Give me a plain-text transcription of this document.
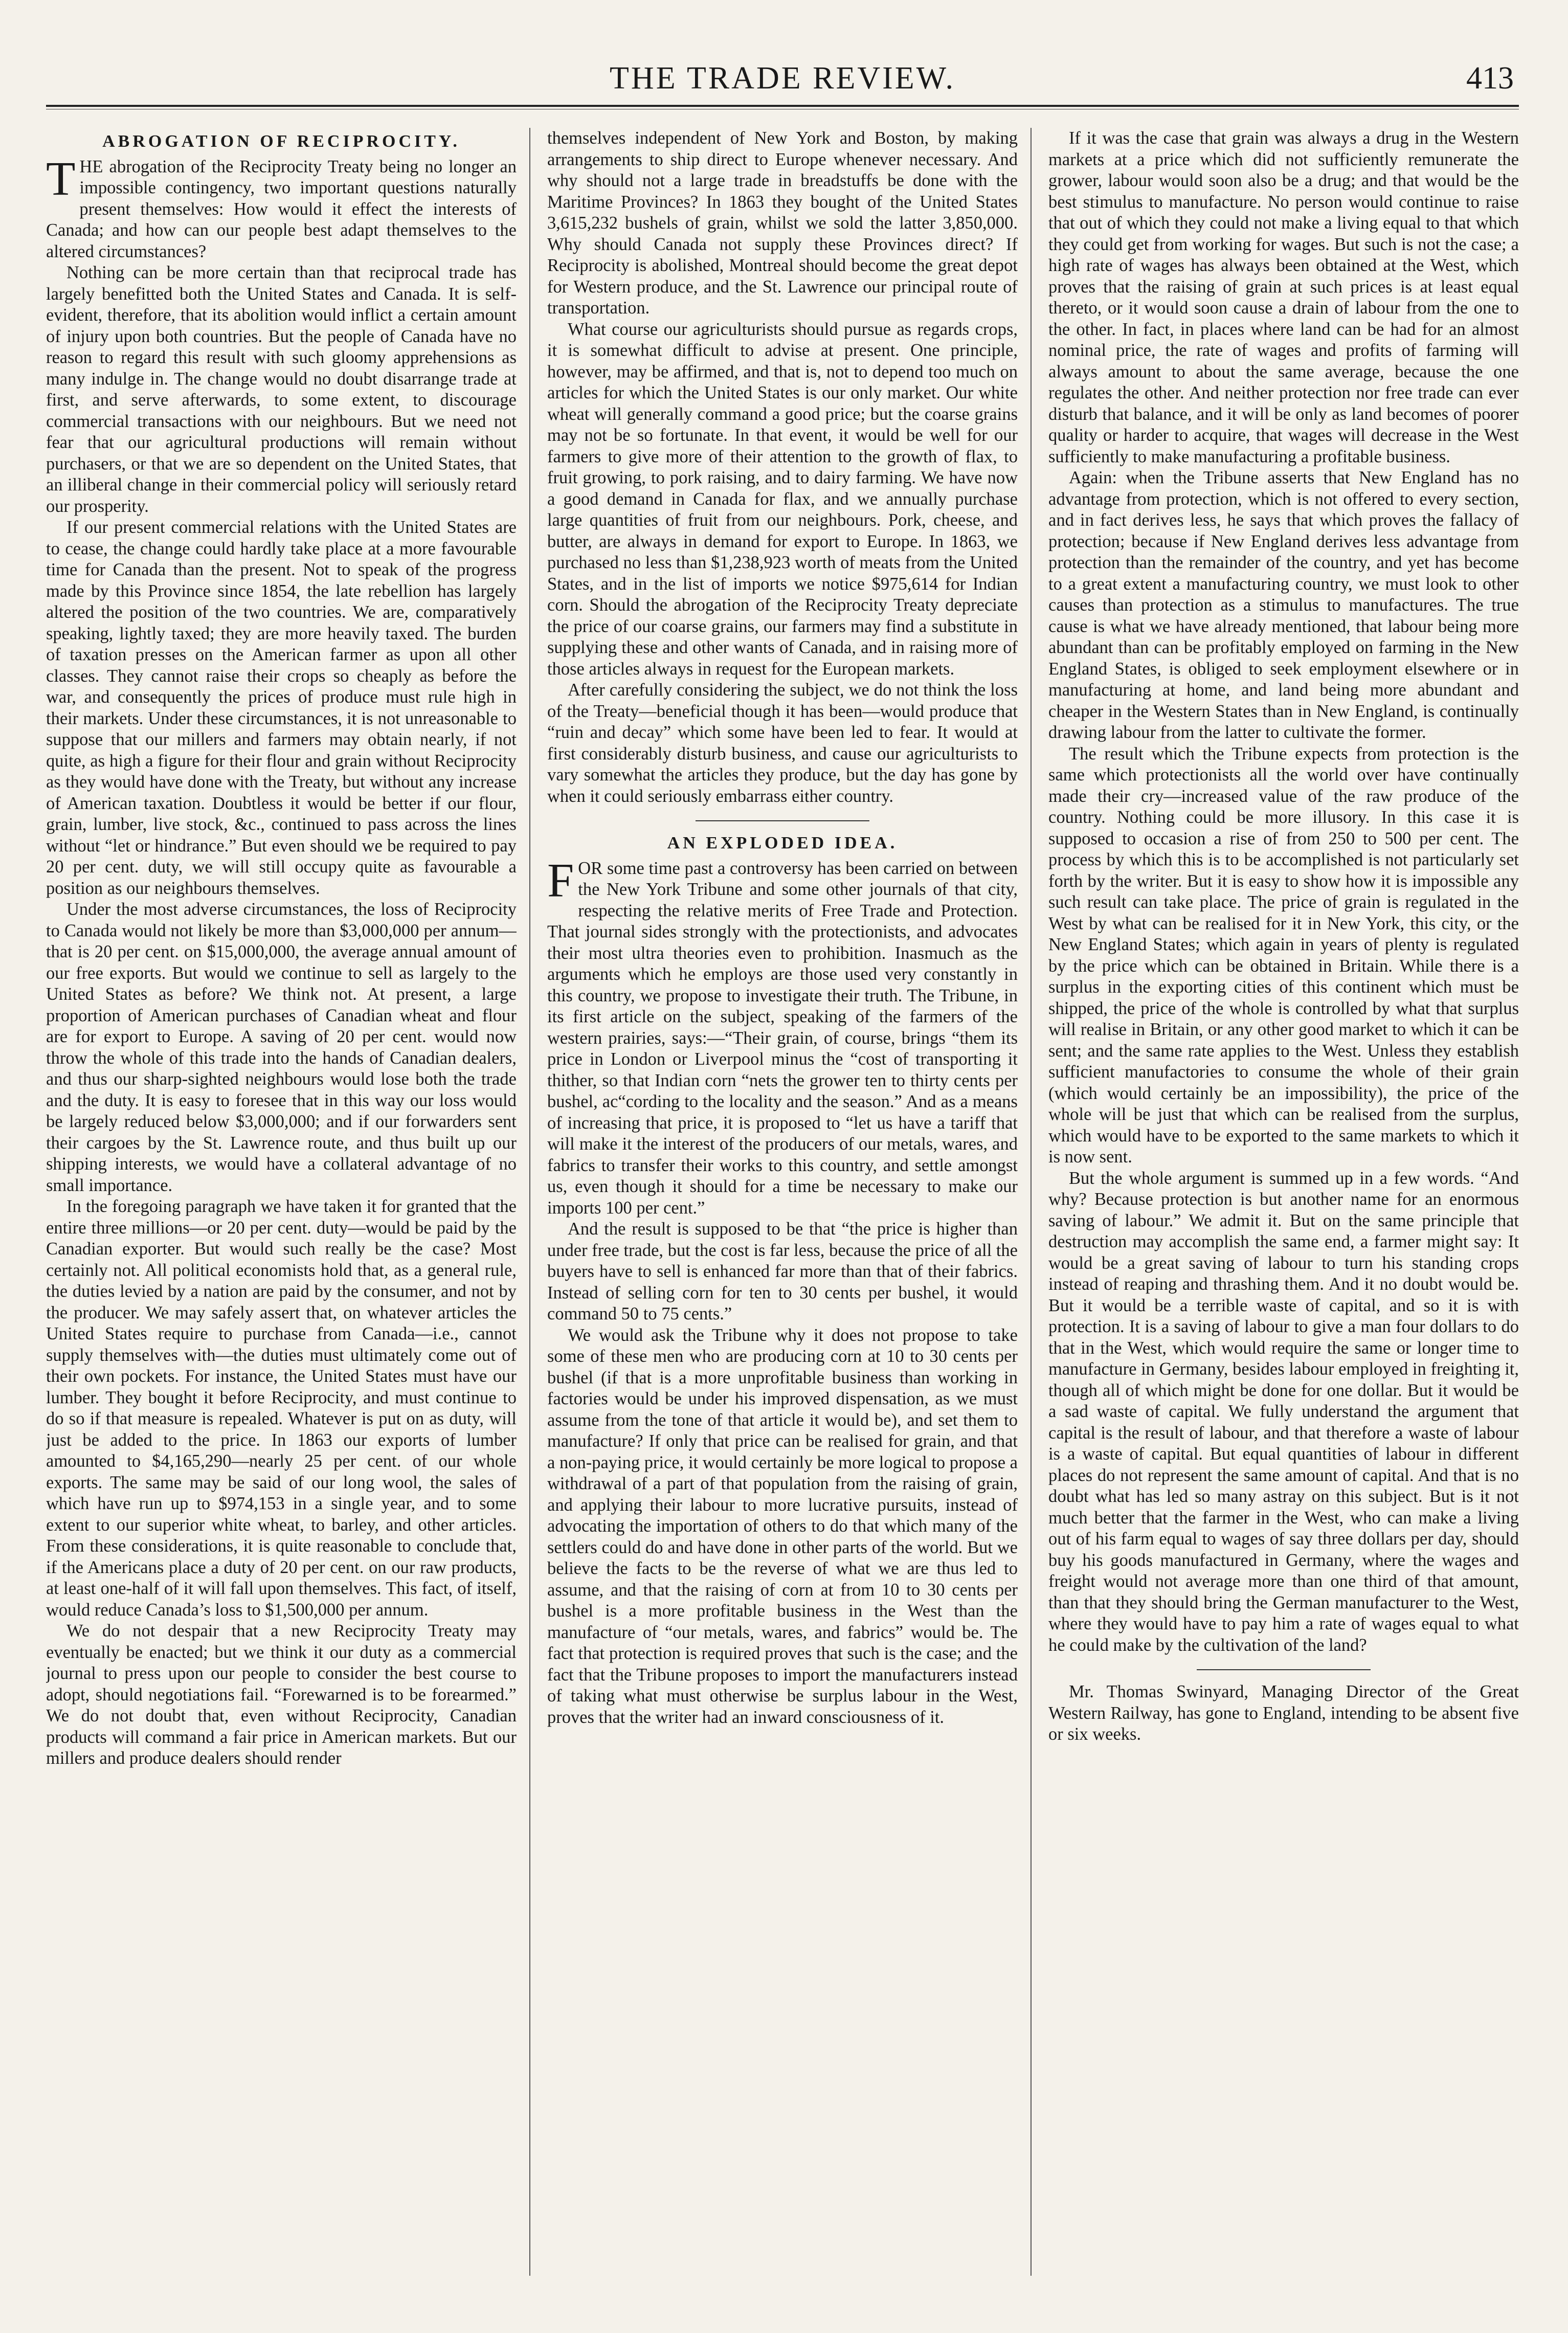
THE TRADE REVIEW.	413
ABROGATION OF RECIPROCITY.

THE abrogation of the Reciprocity Treaty being no longer an impossible contingency, two important questions naturally present themselves: How would it effect the interests of Canada; and how can our people best adapt themselves to the altered circumstances?

Nothing can be more certain than that reciprocal trade has largely benefitted both the United States and Canada. It is self-evident, therefore, that its abolition would inflict a certain amount of injury upon both countries. But the people of Canada have no reason to regard this result with such gloomy apprehensions as many indulge in. The change would no doubt disarrange trade at first, and serve afterwards, to some extent, to discourage commercial transactions with our neighbours. But we need not fear that our agricultural productions will remain without purchasers, or that we are so dependent on the United States, that an illiberal change in their commercial policy will seriously retard our prosperity.

If our present commercial relations with the United States are to cease, the change could hardly take place at a more favourable time for Canada than the present. Not to speak of the progress made by this Province since 1854, the late rebellion has largely altered the position of the two countries. We are, comparatively speaking, lightly taxed; they are more heavily taxed. The burden of taxation presses on the American farmer as upon all other classes. They cannot raise their crops so cheaply as before the war, and consequently the prices of produce must rule high in their markets. Under these circumstances, it is not unreasonable to suppose that our millers and farmers may obtain nearly, if not quite, as high a figure for their flour and grain without Reciprocity as they would have done with the Treaty, but without any increase of American taxation. Doubtless it would be better if our flour, grain, lumber, live stock, &c., continued to pass across the lines without “let or hindrance.” But even should we be required to pay 20 per cent. duty, we will still occupy quite as favourable a position as our neighbours themselves.

Under the most adverse circumstances, the loss of Reciprocity to Canada would not likely be more than $3,000,000 per annum—that is 20 per cent. on $15,000,000, the average annual amount of our free exports. But would we continue to sell as largely to the United States as before? We think not. At present, a large proportion of American purchases of Canadian wheat and flour are for export to Europe. A saving of 20 per cent. would now throw the whole of this trade into the hands of Canadian dealers, and thus our sharp-sighted neighbours would lose both the trade and the duty. It is easy to foresee that in this way our loss would be largely reduced below $3,000,000; and if our forwarders sent their cargoes by the St. Lawrence route, and thus built up our shipping interests, we would have a collateral advantage of no small importance.

In the foregoing paragraph we have taken it for granted that the entire three millions—or 20 per cent. duty—would be paid by the Canadian exporter. But would such really be the case? Most certainly not. All political economists hold that, as a general rule, the duties levied by a nation are paid by the consumer, and not by the producer. We may safely assert that, on whatever articles the United States require to purchase from Canada—i.e., cannot supply themselves with—the duties must ultimately come out of their own pockets. For instance, the United States must have our lumber. They bought it before Reciprocity, and must continue to do so if that measure is repealed. Whatever is put on as duty, will just be added to the price. In 1863 our exports of lumber amounted to $4,165,290—nearly 25 per cent. of our whole exports. The same may be said of our long wool, the sales of which have run up to $974,153 in a single year, and to some extent to our superior white wheat, to barley, and other articles. From these considerations, it is quite reasonable to conclude that, if the Americans place a duty of 20 per cent. on our raw products, at least one-half of it will fall upon themselves. This fact, of itself, would reduce Canada’s loss to $1,500,000 per annum.

We do not despair that a new Reciprocity Treaty may eventually be enacted; but we think it our duty as a commercial journal to press upon our people to consider the best course to adopt, should negotiations fail. “Forewarned is to be forearmed.” We do not doubt that, even without Reciprocity, Canadian products will command a fair price in American markets. But our millers and produce dealers should render

themselves independent of New York and Boston, by making arrangements to ship direct to Europe whenever necessary. And why should not a large trade in breadstuffs be done with the Maritime Provinces? In 1863 they bought of the United States 3,615,232 bushels of grain, whilst we sold the latter 3,850,000. Why should Canada not supply these Provinces direct? If Reciprocity is abolished, Montreal should become the great depot for Western produce, and the St. Lawrence our principal route of transportation.

What course our agriculturists should pursue as regards crops, it is somewhat difficult to advise at present. One principle, however, may be affirmed, and that is, not to depend too much on articles for which the United States is our only market. Our white wheat will generally command a good price; but the coarse grains may not be so fortunate. In that event, it would be well for our farmers to give more of their attention to the growth of flax, to fruit growing, to pork raising, and to dairy farming. We have now a good demand in Canada for flax, and we annually purchase large quantities of fruit from our neighbours. Pork, cheese, and butter, are always in demand for export to Europe. In 1863, we purchased no less than $1,238,923 worth of meats from the United States, and in the list of imports we notice $975,614 for Indian corn. Should the abrogation of the Reciprocity Treaty depreciate the price of our coarse grains, our farmers may find a substitute in supplying these and other wants of Canada, and in raising more of those articles always in request for the European markets.

After carefully considering the subject, we do not think the loss of the Treaty—beneficial though it has been—would produce that “ruin and decay” which some have been led to fear. It would at first considerably disturb business, and cause our agriculturists to vary somewhat the articles they produce, but the day has gone by when it could seriously embarrass either country.

AN EXPLODED IDEA.

FOR some time past a controversy has been carried on between the New York Tribune and some other journals of that city, respecting the relative merits of Free Trade and Protection. That journal sides strongly with the protectionists, and advocates their most ultra theories even to prohibition. Inasmuch as the arguments which he employs are those used very constantly in this country, we propose to investigate their truth. The Tribune, in its first article on the subject, speaking of the farmers of the western prairies, says:—“Their grain, of course, brings “them its price in London or Liverpool minus the “cost of transporting it thither, so that Indian corn “nets the grower ten to thirty cents per bushel, ac“cording to the locality and the season.” And as a means of increasing that price, it is proposed to “let us have a tariff that will make it the interest of the producers of our metals, wares, and fabrics to transfer their works to this country, and settle amongst us, even though it should for a time be necessary to make our imports 100 per cent.”

And the result is supposed to be that “the price is higher than under free trade, but the cost is far less, because the price of all the buyers have to sell is enhanced far more than that of their fabrics. Instead of selling corn for ten to 30 cents per bushel, it would command 50 to 75 cents.”

We would ask the Tribune why it does not propose to take some of these men who are producing corn at 10 to 30 cents per bushel (if that is a more unprofitable business than working in factories would be under his improved dispensation, as we must assume from the tone of that article it would be), and set them to manufacture? If only that price can be realised for grain, and that a non-paying price, it would certainly be more logical to propose a withdrawal of a part of that population from the raising of grain, and applying their labour to more lucrative pursuits, instead of advocating the importation of others to do that which many of the settlers could do and have done in other parts of the world. But we believe the facts to be the reverse of what we are thus led to assume, and that the raising of corn at from 10 to 30 cents per bushel is a more profitable business in the West than the manufacture of “our metals, wares, and fabrics” would be. The fact that protection is required proves that such is the case; and the fact that the Tribune proposes to import the manufacturers instead of taking what must otherwise be surplus labour in the West, proves that the writer had an inward consciousness of it.

If it was the case that grain was always a drug in the Western markets at a price which did not sufficiently remunerate the grower, labour would soon also be a drug; and that would be the best stimulus to manufacture. No person would continue to raise that out of which they could not make a living equal to that which they could get from working for wages. But such is not the case; a high rate of wages has always been obtained at the West, which proves that the raising of grain at such prices is at least equal thereto, or it would soon cause a drain of labour from the one to the other. In fact, in places where land can be had for an almost nominal price, the rate of wages and profits of farming will always amount to about the same average, because the one regulates the other. And neither protection nor free trade can ever disturb that balance, and it will be only as land becomes of poorer quality or harder to acquire, that wages will decrease in the West sufficiently to make manufacturing a profitable business.

Again: when the Tribune asserts that New England has no advantage from protection, which is not offered to every section, and in fact derives less, he says that which proves the fallacy of protection; because if New England derives less advantage from protection than the remainder of the country, and yet has become to a great extent a manufacturing country, we must look to other causes than protection as a stimulus to manufactures. The true cause is what we have already mentioned, that labour being more abundant than can be profitably employed on farming in the New England States, is obliged to seek employment elsewhere or in manufacturing at home, and land being more abundant and cheaper in the Western States than in New England, is continually drawing labour from the latter to cultivate the former.

The result which the Tribune expects from protection is the same which protectionists all the world over have continually made their cry—increased value of the raw produce of the country. Nothing could be more illusory. In this case it is supposed to occasion a rise of from 250 to 500 per cent. The process by which this is to be accomplished is not particularly set forth by the writer. But it is easy to show how it is impossible any such result can take place. The price of grain is regulated in the West by what can be realised for it in New York, this city, or the New England States; which again in years of plenty is regulated by the price which can be obtained in Britain. While there is a surplus in the exporting cities of this continent which must be shipped, the price of the whole is controlled by what that surplus will realise in Britain, or any other good market to which it can be sent; and the same rate applies to the West. Unless they establish sufficient manufactories to consume the whole of their grain (which would certainly be an impossibility), the price of the whole will be just that which can be realised from the surplus, which would have to be exported to the same markets to which it is now sent.

But the whole argument is summed up in a few words. “And why? Because protection is but another name for an enormous saving of labour.” We admit it. But on the same principle that destruction may accomplish the same end, a farmer might say: It would be a great saving of labour to turn his standing crops instead of reaping and thrashing them. And it no doubt would be. But it would be a terrible waste of capital, and so it is with protection. It is a saving of labour to give a man four dollars to do that in the West, which would require the same or longer time to manufacture in Germany, besides labour employed in freighting it, though all of which might be done for one dollar. But it would be a sad waste of capital. We fully understand the argument that capital is the result of labour, and that therefore a waste of labour is a waste of capital. But equal quantities of labour in different places do not represent the same amount of capital. And that is no doubt what has led so many astray on this subject. But is it not much better that the farmer in the West, who can make a living out of his farm equal to wages of say three dollars per day, should buy his goods manufactured in Germany, where the wages and freight would not average more than one third of that amount, than that they should bring the German manufacturer to the West, where they would have to pay him a rate of wages equal to what he could make by the cultivation of the land?

Mr. Thomas Swinyard, Managing Director of the Great Western Railway, has gone to England, intending to be absent five or six weeks.
